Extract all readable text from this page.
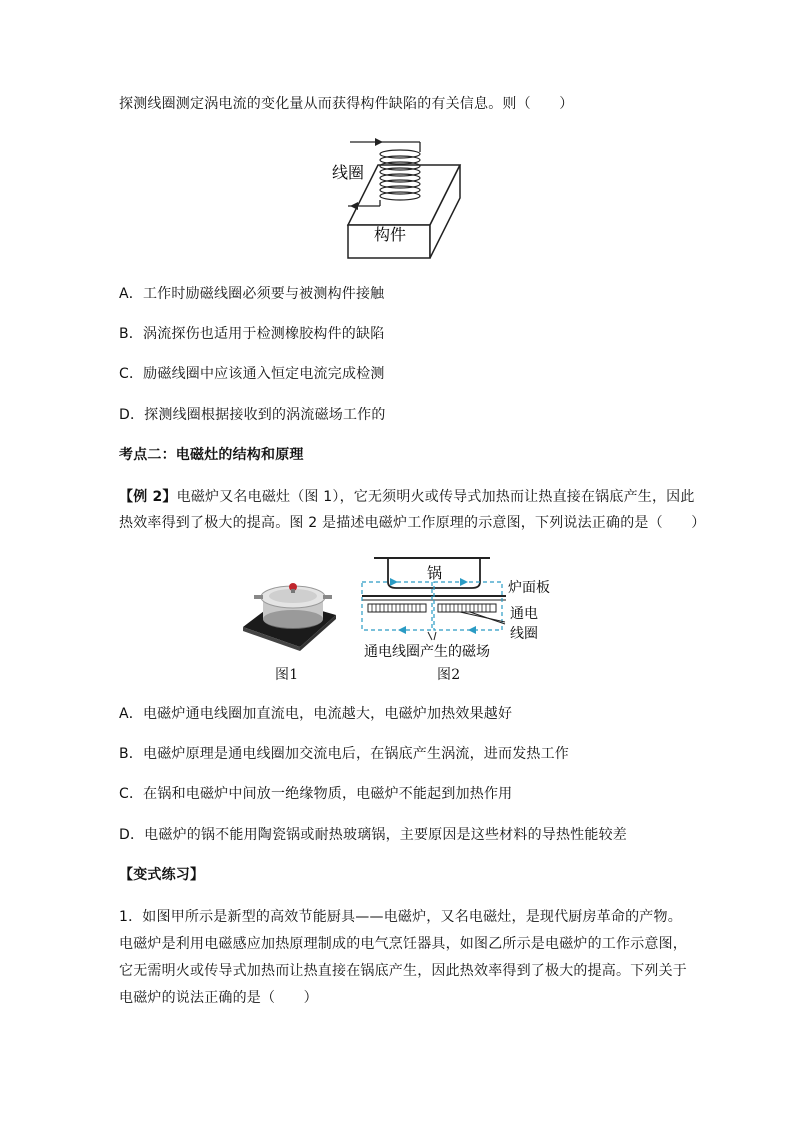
探测线圈测定涡电流的变化量从而获得构件缺陷的有关信息。则（　　）
线圈
构件
A．工作时励磁线圈必须要与被测构件接触
B．涡流探伤也适用于检测橡胶构件的缺陷
C．励磁线圈中应该通入恒定电流完成检测
D．探测线圈根据接收到的涡流磁场工作的
考点二：电磁灶的结构和原理
【例 2】电磁炉又名电磁灶（图 1），它无须明火或传导式加热而让热直接在锅底产生，因此
热效率得到了极大的提高。图 2 是描述电磁炉工作原理的示意图，下列说法正确的是（　　）
锅
炉面板
通电
线圈
通电线圈产生的磁场
图1	图2
A．电磁炉通电线圈加直流电，电流越大，电磁炉加热效果越好
B．电磁炉原理是通电线圈加交流电后，在锅底产生涡流，进而发热工作
C．在锅和电磁炉中间放一绝缘物质，电磁炉不能起到加热作用
D．电磁炉的锅不能用陶瓷锅或耐热玻璃锅，主要原因是这些材料的导热性能较差
【变式练习】
1．如图甲所示是新型的高效节能厨具——电磁炉，又名电磁灶，是现代厨房革命的产物。
电磁炉是利用电磁感应加热原理制成的电气烹饪器具，如图乙所示是电磁炉的工作示意图，
它无需明火或传导式加热而让热直接在锅底产生，因此热效率得到了极大的提高。下列关于
电磁炉的说法正确的是（　　）
